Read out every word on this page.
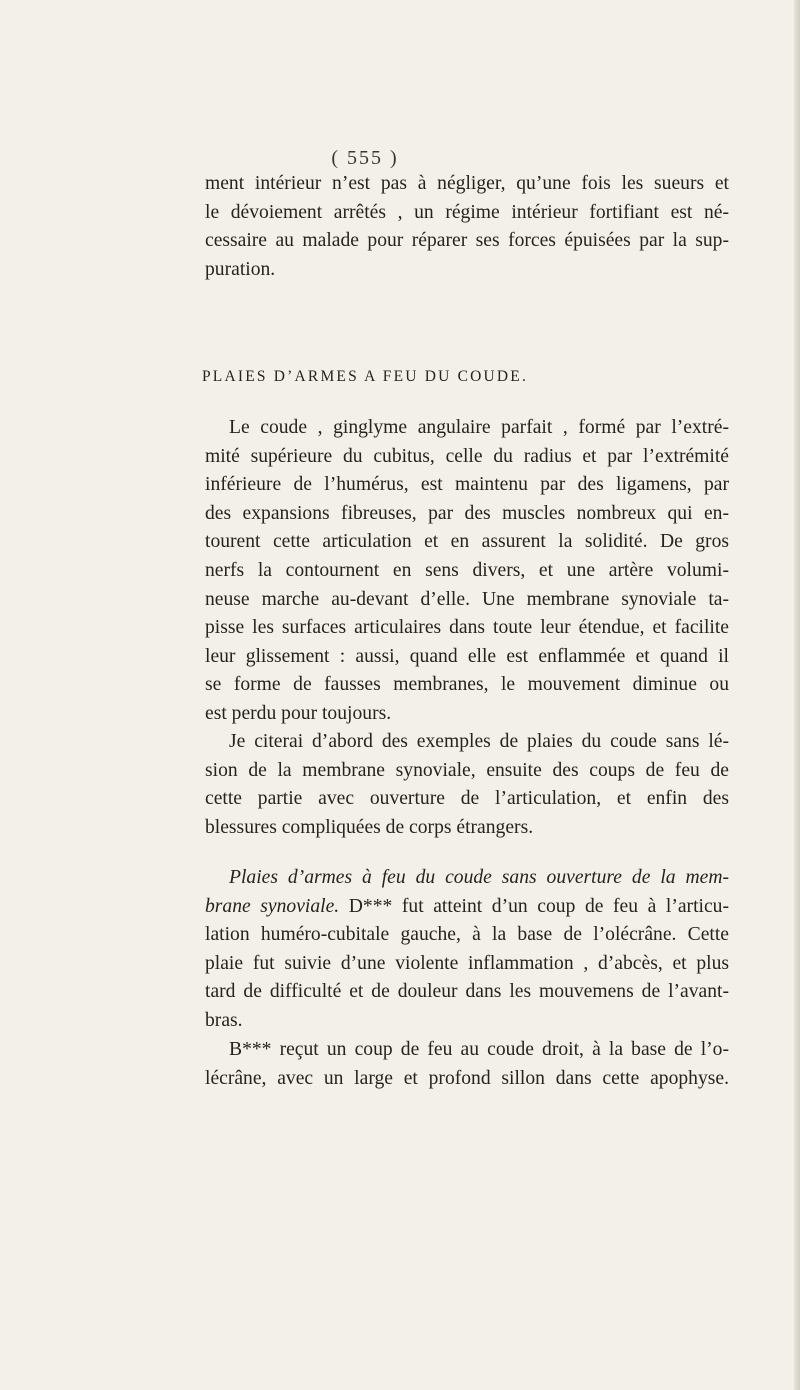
( 555 )
ment intérieur n’est pas à négliger, qu’une fois les sueurs et
le dévoiement arrêtés , un régime intérieur fortifiant est né-
cessaire au malade pour réparer ses forces épuisées par la sup-
puration.
PLAIES D’ARMES A FEU DU COUDE.
Le coude , ginglyme angulaire parfait , formé par l’extré-
mité supérieure du cubitus, celle du radius et par l’extrémité
inférieure de l’humérus, est maintenu par des ligamens, par
des expansions fibreuses, par des muscles nombreux qui en-
tourent cette articulation et en assurent la solidité. De gros
nerfs la contournent en sens divers, et une artère volumi-
neuse marche au-devant d’elle. Une membrane synoviale ta-
pisse les surfaces articulaires dans toute leur étendue, et facilite
leur glissement : aussi, quand elle est enflammée et quand il
se forme de fausses membranes, le mouvement diminue ou
est perdu pour toujours.
Je citerai d’abord des exemples de plaies du coude sans lé-
sion de la membrane synoviale, ensuite des coups de feu de
cette partie avec ouverture de l’articulation, et enfin des
blessures compliquées de corps étrangers.
Plaies d’armes à feu du coude sans ouverture de la mem-
brane synoviale. D*** fut atteint d’un coup de feu à l’articu-
lation huméro-cubitale gauche, à la base de l’olécrâne. Cette
plaie fut suivie d’une violente inflammation , d’abcès, et plus
tard de difficulté et de douleur dans les mouvemens de l’avant-
bras.
B*** reçut un coup de feu au coude droit, à la base de l’o-
lécrâne, avec un large et profond sillon dans cette apophyse.
